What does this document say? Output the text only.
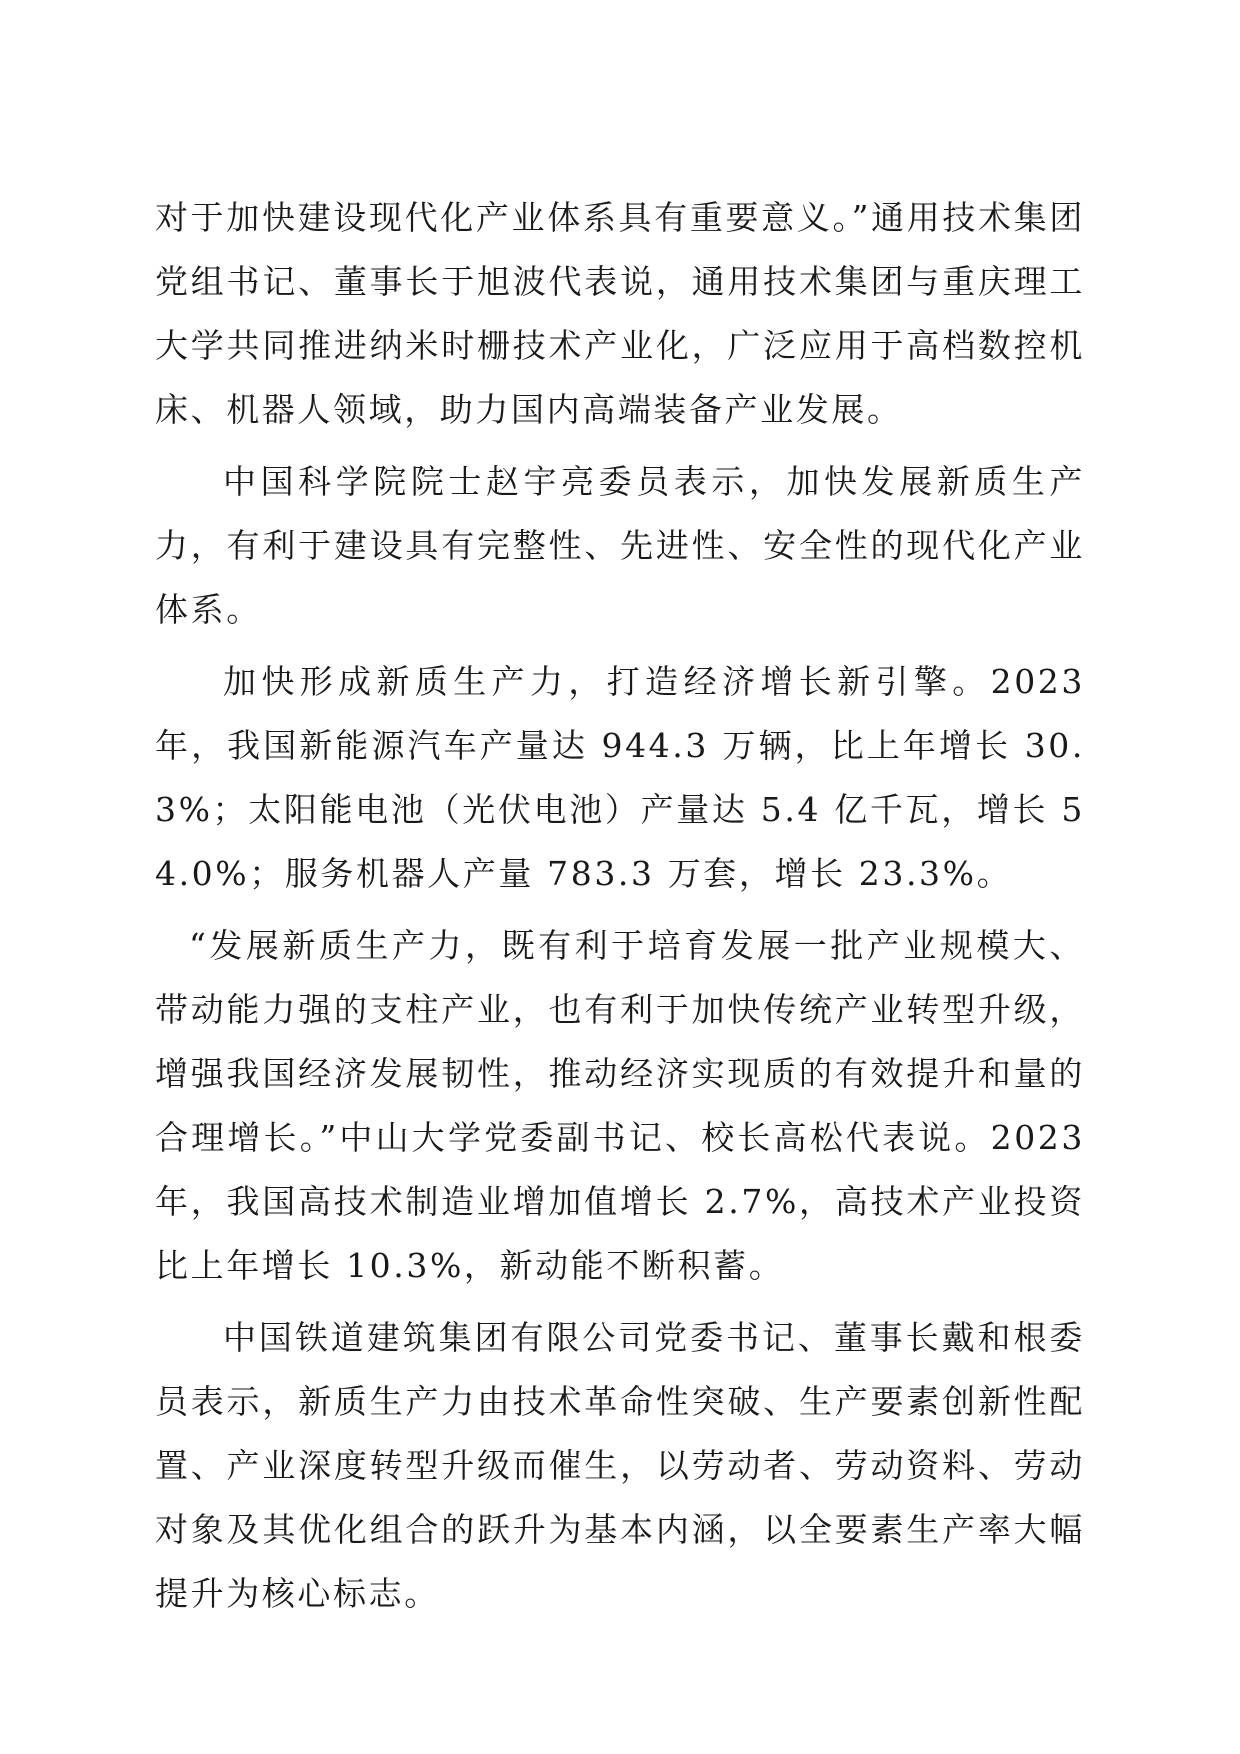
对于加快建设现代化产业体系具有重要意义。”通用技术集团党组书记、董事长于旭波代表说，通用技术集团与重庆理工大学共同推进纳米时栅技术产业化，广泛应用于高档数控机床、机器人领域，助力国内高端装备产业发展。

中国科学院院士赵宇亮委员表示，加快发展新质生产力，有利于建设具有完整性、先进性、安全性的现代化产业体系。

加快形成新质生产力，打造经济增长新引擎。2023 年，我国新能源汽车产量达 944.3 万辆，比上年增长 30.3%；太阳能电池（光伏电池）产量达 5.4 亿千瓦，增长 54.0%；服务机器人产量 783.3 万套，增长 23.3%。

“发展新质生产力，既有利于培育发展一批产业规模大、带动能力强的支柱产业，也有利于加快传统产业转型升级，增强我国经济发展韧性，推动经济实现质的有效提升和量的合理增长。”中山大学党委副书记、校长高松代表说。2023 年，我国高技术制造业增加值增长 2.7%，高技术产业投资比上年增长 10.3%，新动能不断积蓄。

中国铁道建筑集团有限公司党委书记、董事长戴和根委员表示，新质生产力由技术革命性突破、生产要素创新性配置、产业深度转型升级而催生，以劳动者、劳动资料、劳动对象及其优化组合的跃升为基本内涵，以全要素生产率大幅提升为核心标志。
